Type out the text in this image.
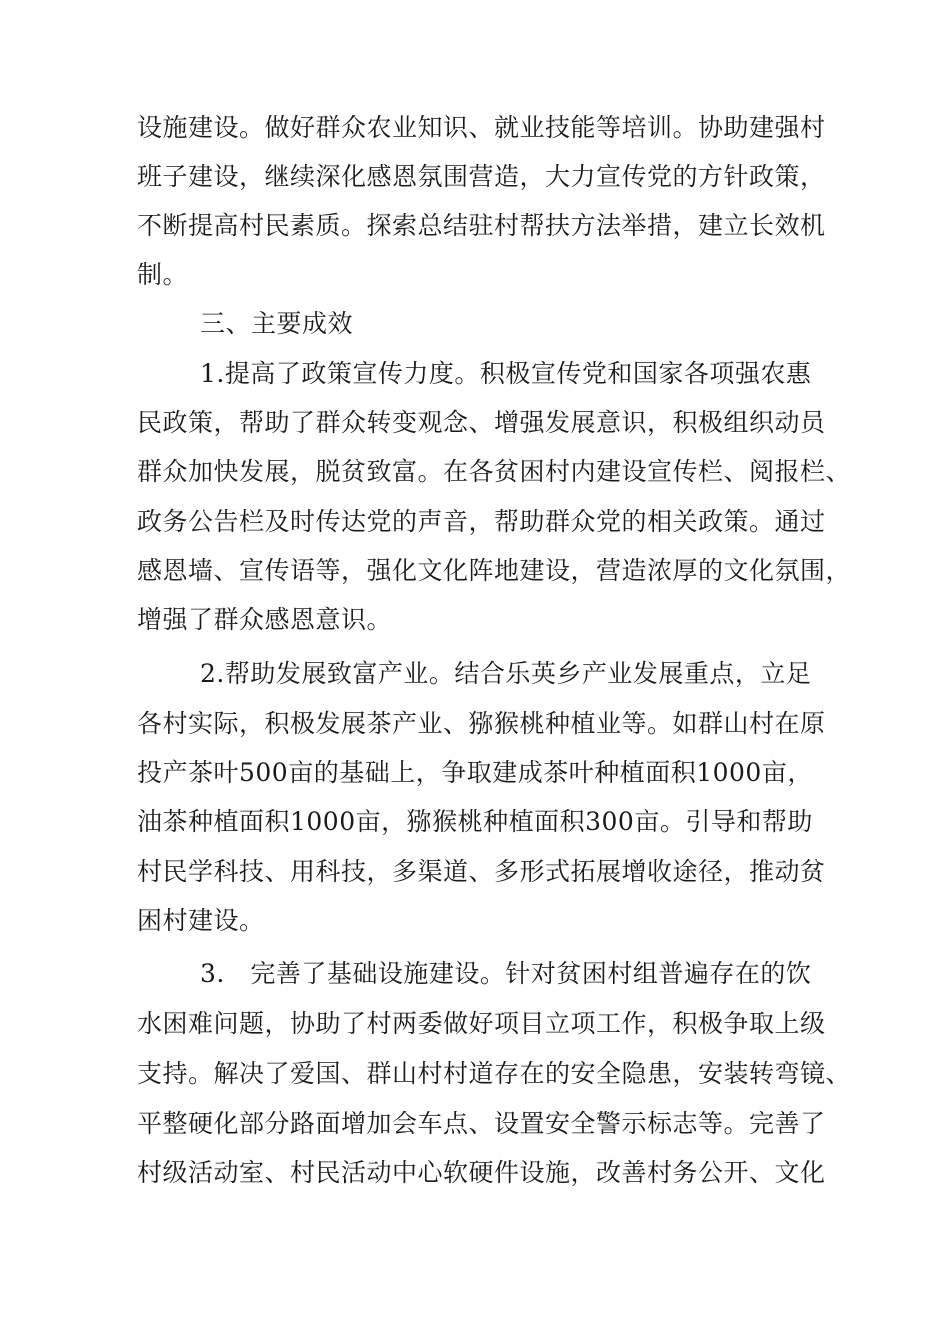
设施建设。做好群众农业知识、就业技能等培训。协助建强村
班子建设，继续深化感恩氛围营造，大力宣传党的方针政策，
不断提高村民素质。探索总结驻村帮扶方法举措，建立长效机
制。
三、主要成效
1.提高了政策宣传力度。积极宣传党和国家各项强农惠
民政策，帮助了群众转变观念、增强发展意识，积极组织动员
群众加快发展，脱贫致富。在各贫困村内建设宣传栏、阅报栏、
政务公告栏及时传达党的声音，帮助群众党的相关政策。通过
感恩墙、宣传语等，强化文化阵地建设，营造浓厚的文化氛围，
增强了群众感恩意识。
2.帮助发展致富产业。结合乐英乡产业发展重点，立足
各村实际，积极发展茶产业、猕猴桃种植业等。如群山村在原
投产茶叶500亩的基础上，争取建成茶叶种植面积1000亩，
油茶种植面积1000亩，猕猴桃种植面积300亩。引导和帮助
村民学科技、用科技，多渠道、多形式拓展增收途径，推动贫
困村建设。
3.　完善了基础设施建设。针对贫困村组普遍存在的饮
水困难问题，协助了村两委做好项目立项工作，积极争取上级
支持。解决了爱国、群山村村道存在的安全隐患，安装转弯镜、
平整硬化部分路面增加会车点、设置安全警示标志等。完善了
村级活动室、村民活动中心软硬件设施，改善村务公开、文化
